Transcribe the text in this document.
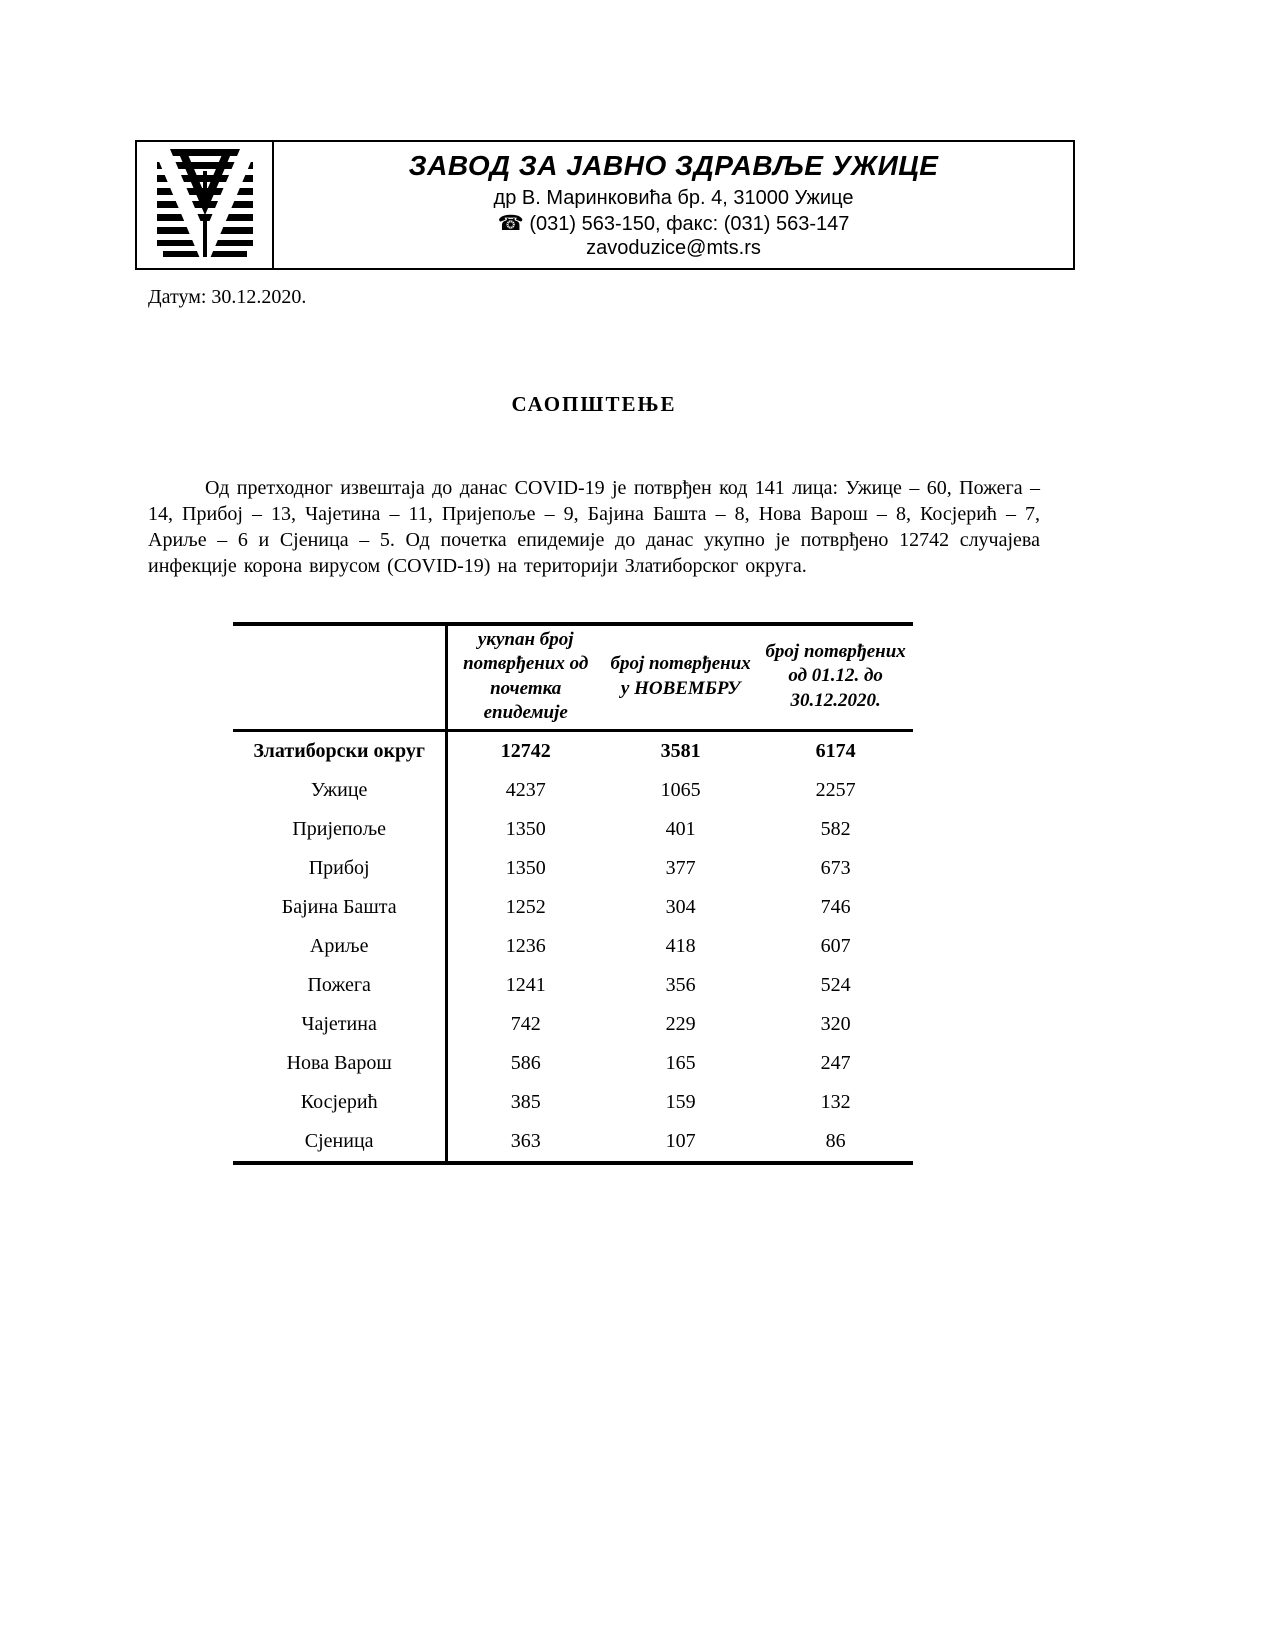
ЗАВОД ЗА ЈАВНО ЗДРАВЉЕ УЖИЦЕ
др В. Маринковића бр. 4, 31000 Ужице
☎ (031) 563-150, факс: (031) 563-147
zavoduzice@mts.rs
Датум: 30.12.2020.
САОПШТЕЊЕ

Од претходног извештаја до данас COVID-19 је потврђен код 141 лица: Ужице – 60, Пожега – 14, Прибој – 13, Чајетина – 11, Пријепоље – 9, Бајина Башта – 8, Нова Варош – 8, Косјерић – 7, Ариље – 6 и Сјеница – 5. Од почетка епидемије до данас укупно је потврђено 12742 случајева инфекције корона вирусом (COVID-19) на територији Златиборског округа.

	укупан број потврђених од почетка епидемије	број потврђених у НОВЕМБРУ	број потврђених од 01.12. до 30.12.2020.
Златиборски округ	12742	3581	6174
Ужице	4237	1065	2257
Пријепоље	1350	401	582
Прибој	1350	377	673
Бајина Башта	1252	304	746
Ариље	1236	418	607
Пожега	1241	356	524
Чајетина	742	229	320
Нова Варош	586	165	247
Косјерић	385	159	132
Сјеница	363	107	86
